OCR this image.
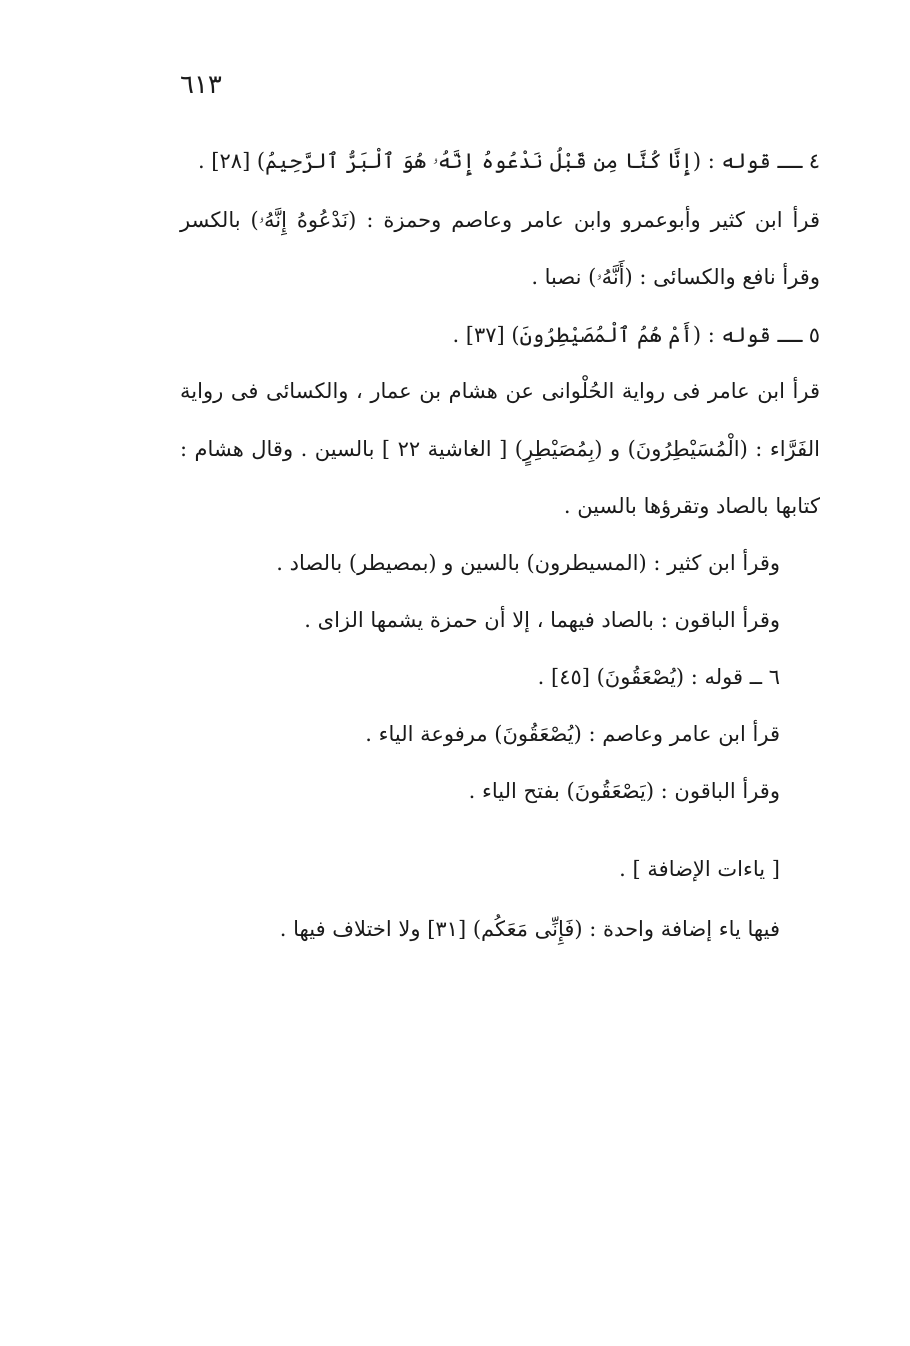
٦١٣
٤ ــ قوله : (إِنَّا كُنَّا مِن قَبْلُ نَدْعُوهُ إِنَّهُۥ هُوَ ٱلْبَرُّ ٱلرَّحِيمُ) [٢٨] .
قرأ ابن كثير وأبوعمرو وابن عامر وعاصم وحمزة : (نَدْعُوهُ إِنَّهُۥ) بالكسر
وقرأ نافع والكسائى : (أَنَّهُۥ) نصبا .
٥ ــ قوله : (أَمْ هُمُ ٱلْمُصَيْطِرُونَ) [٣٧] .
قرأ ابن عامر فى رواية الحُلْوانى عن هشام بن عمار ، والكسائى فى رواية
الفَرَّاء : (الْمُسَيْطِرُونَ) و (بِمُصَيْطِرٍ) [ الغاشية ٢٢ ] بالسين . وقال هشام :
كتابها بالصاد وتقرؤها بالسين .
وقرأ ابن كثير : (المسيطرون) بالسين و (بمصيطر) بالصاد .
وقرأ الباقون : بالصاد فيهما ، إلا أن حمزة يشمها الزاى .
٦ ــ قوله : (يُصْعَقُونَ) [٤٥] .
قرأ ابن عامر وعاصم : (يُصْعَقُونَ) مرفوعة الياء .
وقرأ الباقون : (يَصْعَقُونَ) بفتح الياء .
[ ياءات الإضافة ] .
فيها ياء إضافة واحدة : (فَإِنِّى مَعَكُم) [٣١] ولا اختلاف فيها .
